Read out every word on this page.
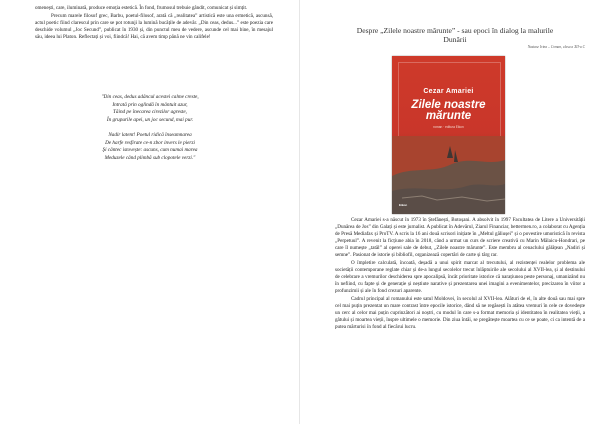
omenești, care, iluminată, produce emoția estetică. În fond, frumosul trebuie gândit, comunicat și simțit.

Precum marele filosof grec, Barbu, poetul-filosof, arată că „realitatea” artistică este una ermetică, ascunsă, actul poetic fiind clarescul prin care se pot rotunji la lumină bucățile de adevăr. „Din ceas, dedus...” este poezia care deschide volumul „Joc Secund”, publicat în 1930 și, din punctul meu de vedere, ascunde cel mai bine, în mesajul său, ideea lui Platon. Reflectați și voi, fiindcă! Hai, că avem timp până ne vin califele!

"Din ceas, dedus adâncul acestei calme creste,
Intrată prin oglindă în mântuit azur,
Tăind pe înecarea cirezilor agreste,
În grupurile apei, un joc secund, mai pur.
Nadir latent! Poetul ridică înseamnarea
De harfe resfirate ce-n zbor invers le pierzi
Şi cântec istovește: ascuns, cum numai marea
Meduzele când plimbă sub clopotele verzi."
Despre „Zilele noastre mărunte” - sau epoci în dialog la malurile Dunării
Nastase Irina – Coman, clasa a XII-a C
Cezar Amariei
Zilele noastre
mărunte
roman · editura Eikon
Eikon

Cezar Amariei s-a născut în 1973 în Ștefănești, Botoșani. A absolvit în 1997 Facultatea de Litere a Universității „Dunărea de Jos” din Galați și este jurnalist. A publicat în Adevărul, Ziarul Financiar, bettermen.ro, a colaborat cu Agenția de Presă Mediafax și ProTV. A scris la 16 ani două scrisori inițiate în „Meltul găliușei” și o povestire umoristică în revista „Perpetuul”. A revenit la ficțiune abia în 2018, când a urmat un curs de scriere creativă cu Marin Mălaicu-Hondrari, pe care îl numește „tatăl” al operei sale de debut, „Zilele noastre mărunte”. Este membru al cenaclului gălățean „Nadiri și semne”. Pasionat de istorie și bibliofil, organizează copertări de carte și târg rar.

O împletire calculată, încoată, deșadă a unui spirit marcat al trecutului, al rezistenței realelor problema ale societății contemporane reglate chiar și de-a lungul secolelor trecut înlăptuirile ale secolului al XVII-lea, și al destinului de celebrare a vremurilor deschiderea spre apocalipsă, încât prioritate istorice că narațiunea peste personaj, umanizând nu în nefiind, cu fapte și de generație și neștiute narative și prezentarea unei imagini a evenimentelor, precizarea în viitor a profunzimii și ale în fond crezuri aparente.

Cadrul principal al romanului este satul Moldovei, în secolul al XVII-lea. Alături de el, în alte două sau mai spre cel mai puțin prezentat un mare contrast între epocile istorice, dând să ne regăsești în atâtea vremuri în cele ce dovedește un cerc al celor mai puțin cuprinzători ai noștri, cu modul în care s-a format memoria și identitatea în realitatea vieții, a gâtului și moartea vieții, înspre ultimele o memorie. Din ziua întâi, se pregătește moartea cu ce se poate, ci ca intentă de a putea mărturisi în fond al fiecărui lucru.
